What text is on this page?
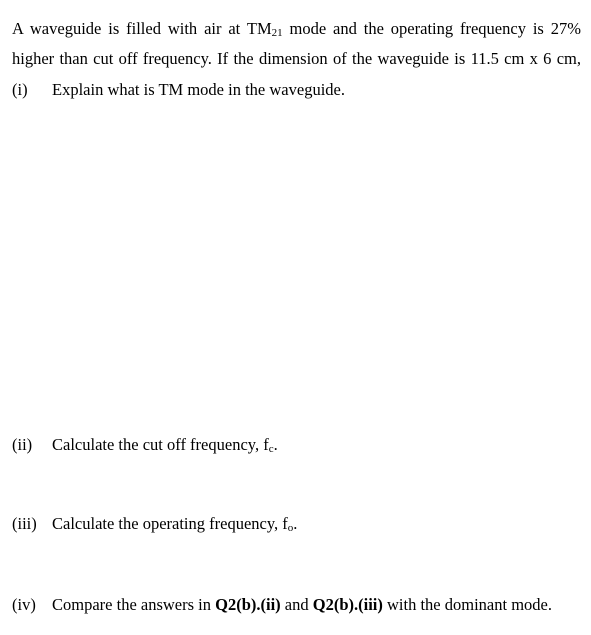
A waveguide is filled with air at $TM_{21}$ mode and the operating frequency is 27%
higher than cut off frequency. If the dimension of the waveguide is 11.5 cm x 6 cm,
(i) Explain what is TM mode in the waveguide.
(ii) Calculate the cut off frequency, $f_c$.
(iii) Calculate the operating frequency, $f_o$.
(iv) Compare the answers in Q2(b).(ii) and Q2(b).(iii) with the dominant mode.
